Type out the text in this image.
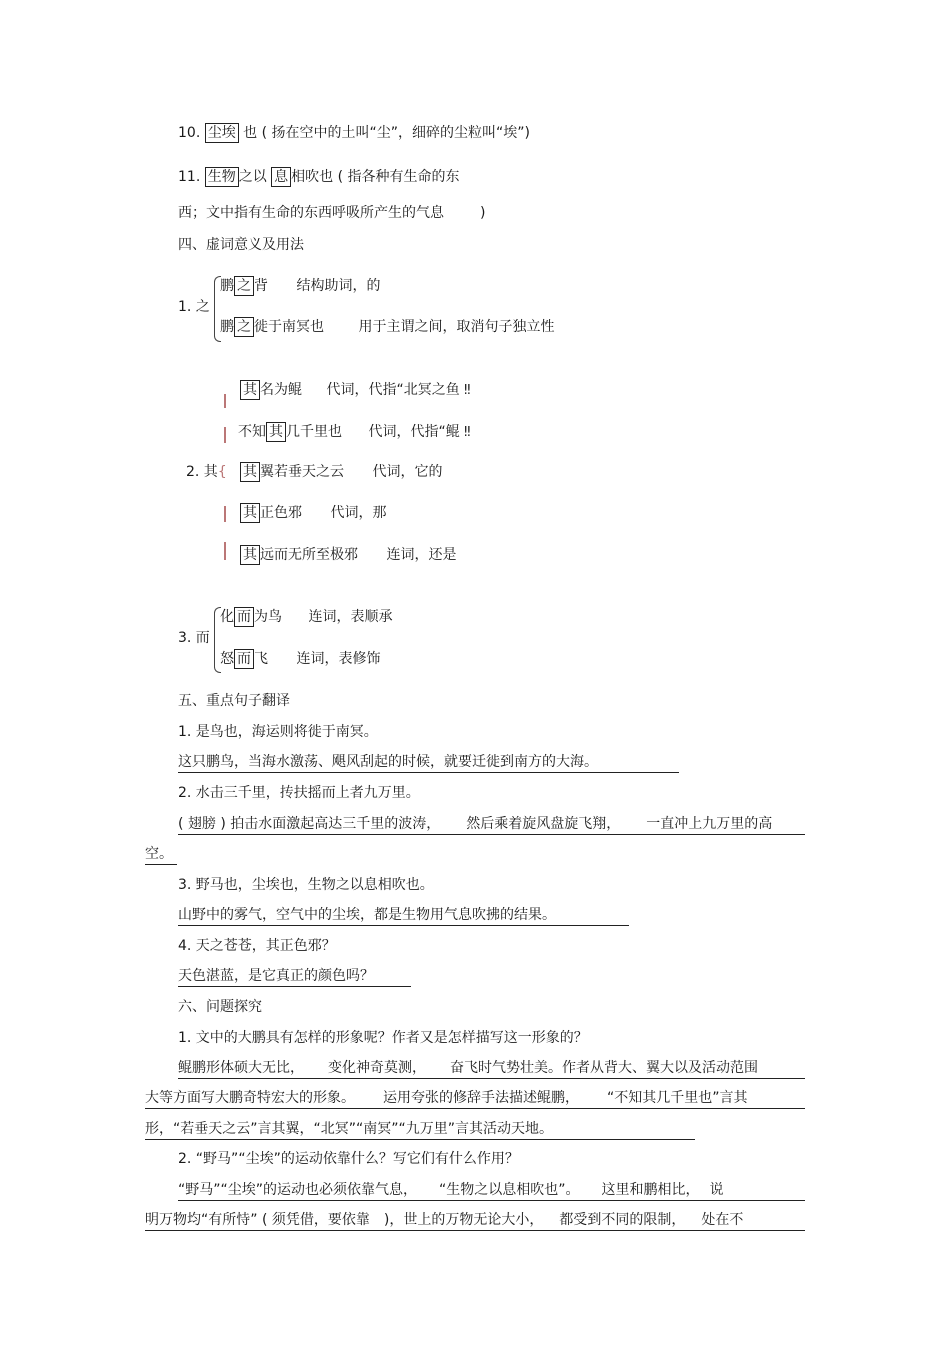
10. 尘埃 也 ( 扬在空中的土叫“尘”，细碎的尘粒叫“埃”)
11. 生物 之以 息 相吹也 ( 指各种有生命的东
西；文中指有生命的东西呼吸所产生的气息	)
四、虚词意义及用法
1. 之
鹏 之 背 结构助词，的
鹏 之 徙于南冥也 用于主谓之间，取消句子独立性
2. 其{
其 名为鲲 代词，代指“北冥之鱼 ‼
不知 其 几千里也 代词，代指“鲲 ‼
其 翼若垂天之云 代词，它的
其 正色邪 代词，那
其 远而无所至极邪 连词，还是
3. 而
化 而 为鸟 连词，表顺承
怒 而 飞 连词，表修饰
五、重点句子翻译
1. 是鸟也，海运则将徙于南冥。
这只鹏鸟，当海水激荡、飓风刮起的时候，就要迁徙到南方的大海。
2. 水击三千里，抟扶摇而上者九万里。
( 翅膀 ) 拍击水面激起高达三千里的波涛， 然后乘着旋风盘旋飞翔， 一直冲上九万里的高
空。
3. 野马也，尘埃也，生物之以息相吹也。
山野中的雾气，空气中的尘埃，都是生物用气息吹拂的结果。
4. 天之苍苍，其正色邪？
天色湛蓝，是它真正的颜色吗？
六、问题探究
1. 文中的大鹏具有怎样的形象呢？作者又是怎样描写这一形象的？
鲲鹏形体硕大无比， 变化神奇莫测， 奋飞时气势壮美。作者从背大、翼大以及活动范围
大等方面写大鹏奇特宏大的形象。 运用夸张的修辞手法描述鲲鹏， “不知其几千里也”言其
形，“若垂天之云”言其翼，“北冥”“南冥”“九万里”言其活动天地。
2. “野马”“尘埃”的运动依靠什么？写它们有什么作用？
“野马”“尘埃”的运动也必须依靠气息， “生物之以息相吹也”。 这里和鹏相比， 说
明万物均“有所恃” ( 须凭借，要依靠 )，世上的万物无论大小， 都受到不同的限制， 处在不
